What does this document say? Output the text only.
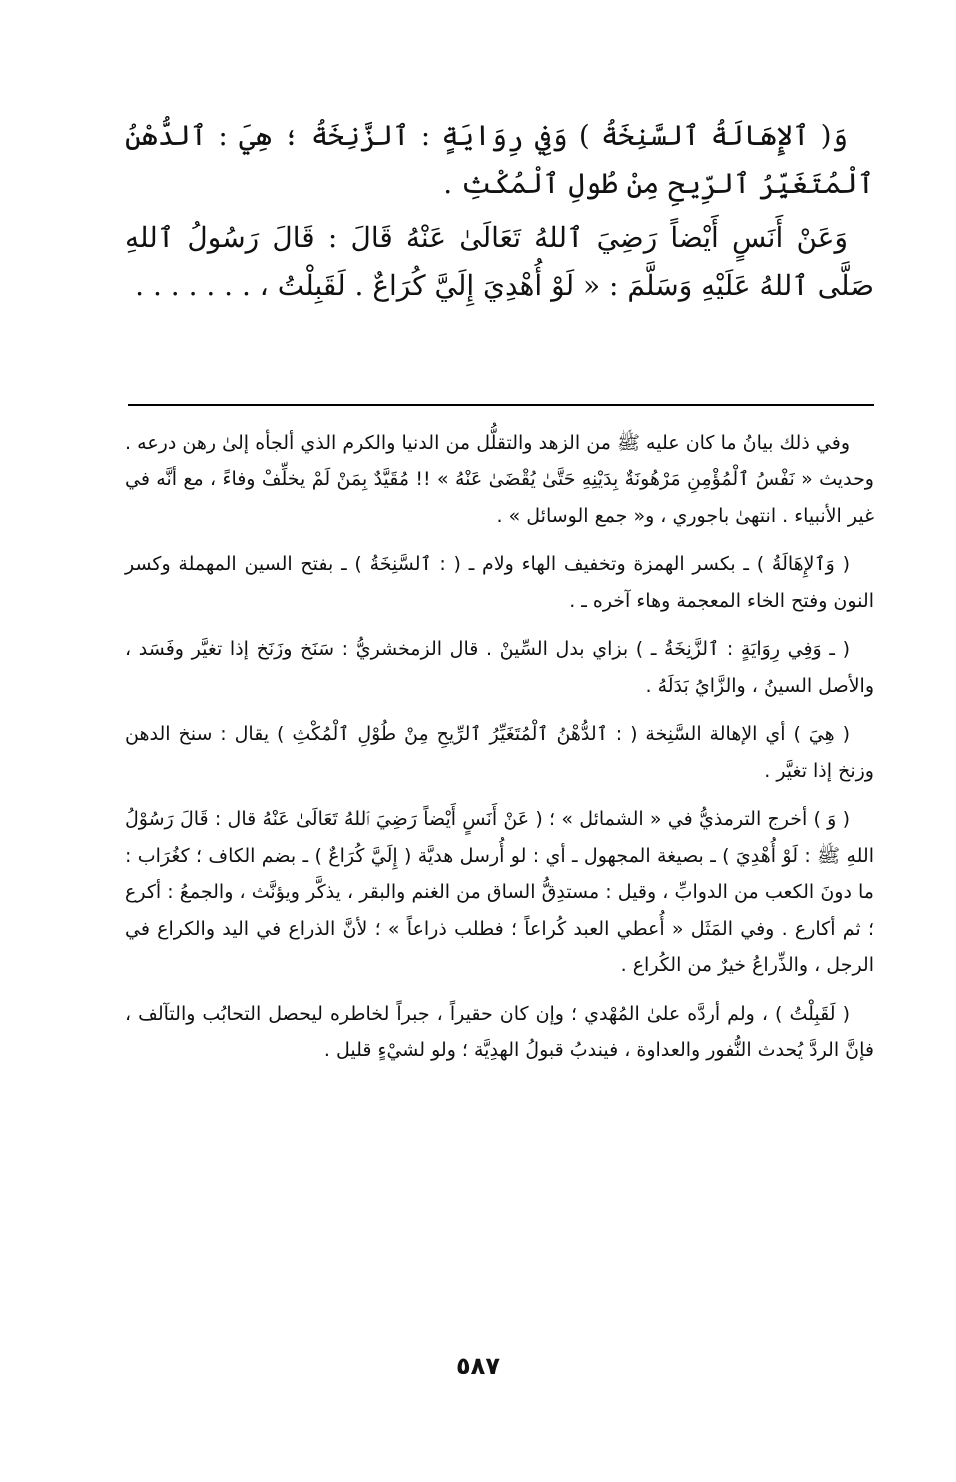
وَ( ٱلإِهَالَةُ ٱلسَّنِخَةُ ) وَفِي رِوَايَةٍ : ٱلزَّنِخَةُ ؛ هِيَ : ٱلدُّهْنُ ٱلْمُتَغَيِّرُ ٱلرِّيحِ مِنْ طُولِ ٱلْمُكْثِ .

وَعَنْ أَنَسٍ أَيْضاً رَضِيَ ٱللهُ تَعَالَىٰ عَنْهُ قَالَ : قَالَ رَسُولُ ٱللهِ صَلَّى ٱللهُ عَلَيْهِ وَسَلَّمَ : « لَوْ أُهْدِيَ إِلَيَّ كُرَاعٌ . لَقَبِلْتُ ، . . . . . . .

وفي ذلك بيانُ ما كان عليه ﷺ من الزهد والتقلُّل من الدنيا والكرم الذي ألجأه إلىٰ رهن درعه . وحديث « نَفْسُ ٱلْمُؤْمِنِ مَرْهُونَةٌ بِدَيْنِهِ حَتَّىٰ يُقْضَىٰ عَنْهُ » !! مُقَيَّدٌ بِمَنْ لَمْ يخلِّفْ وفاءً ، مع أنَّه في غير الأنبياء . انتهىٰ باجوري ، و« جمع الوسائل » .

( وَٱلإِهَالَةُ ) ـ بكسر الهمزة وتخفيف الهاء ولام ـ ( : ٱلسَّنِخَةُ ) ـ بفتح السين المهملة وكسر النون وفتح الخاء المعجمة وهاء آخره ـ .

( ـ وَفِي رِوَايَةٍ : ٱلزَّنِخَةُ ـ ) بزاي بدل السِّينْ . قال الزمخشريُّ : سَنَخ وزَنَخ إذا تغيَّر وفَسَد ، والأصل السينُ ، والزَّايُ بَدَلَهُ .

( هِيَ ) أي الإهالة السَّنِخة ( : ٱلدُّهْنُ ٱلْمُتَغَيِّرُ ٱلرِّيحِ مِنْ طُوْلِ ٱلْمُكْثِ ) يقال : سنخ الدهن وزنخ إذا تغيَّر .

( وَ ) أخرج الترمذيُّ في « الشمائل » ؛ ( عَنْ أَنَسٍ أَيْضاً رَضِيَ ٱللهُ تَعَالَىٰ عَنْهُ قال : قَالَ رَسُوْلُ اللهِ ﷺ : لَوْ أُهْدِيَ ) ـ بصيغة المجهول ـ أي : لو أُرسل هديَّة ( إِلَيَّ كُرَاعٌ ) ـ بضم الكاف ؛ كغُرَاب : ما دونَ الكعب من الدوابِّ ، وقيل : مستدِقُّ الساق من الغنم والبقر ، يذكَّر ويؤنَّث ، والجمعُ : أكرع ؛ ثم أكارع . وفي المَثَل « أُعطي العبد كُراعاً ؛ فطلب ذراعاً » ؛ لأنَّ الذراع في اليد والكراع في الرجل ، والذِّراعُ خيرٌ من الكُراع .

( لَقَبِلْتُ ) ، ولم أردَّه علىٰ المُهْدي ؛ وإن كان حقيراً ، جبراً لخاطره ليحصل التحابُب والتآلف ، فإنَّ الردَّ يُحدث النُّفور والعداوة ، فيندبُ قبولُ الهدِيَّة ؛ ولو لشيْءٍ قليل .

٥٨٧
